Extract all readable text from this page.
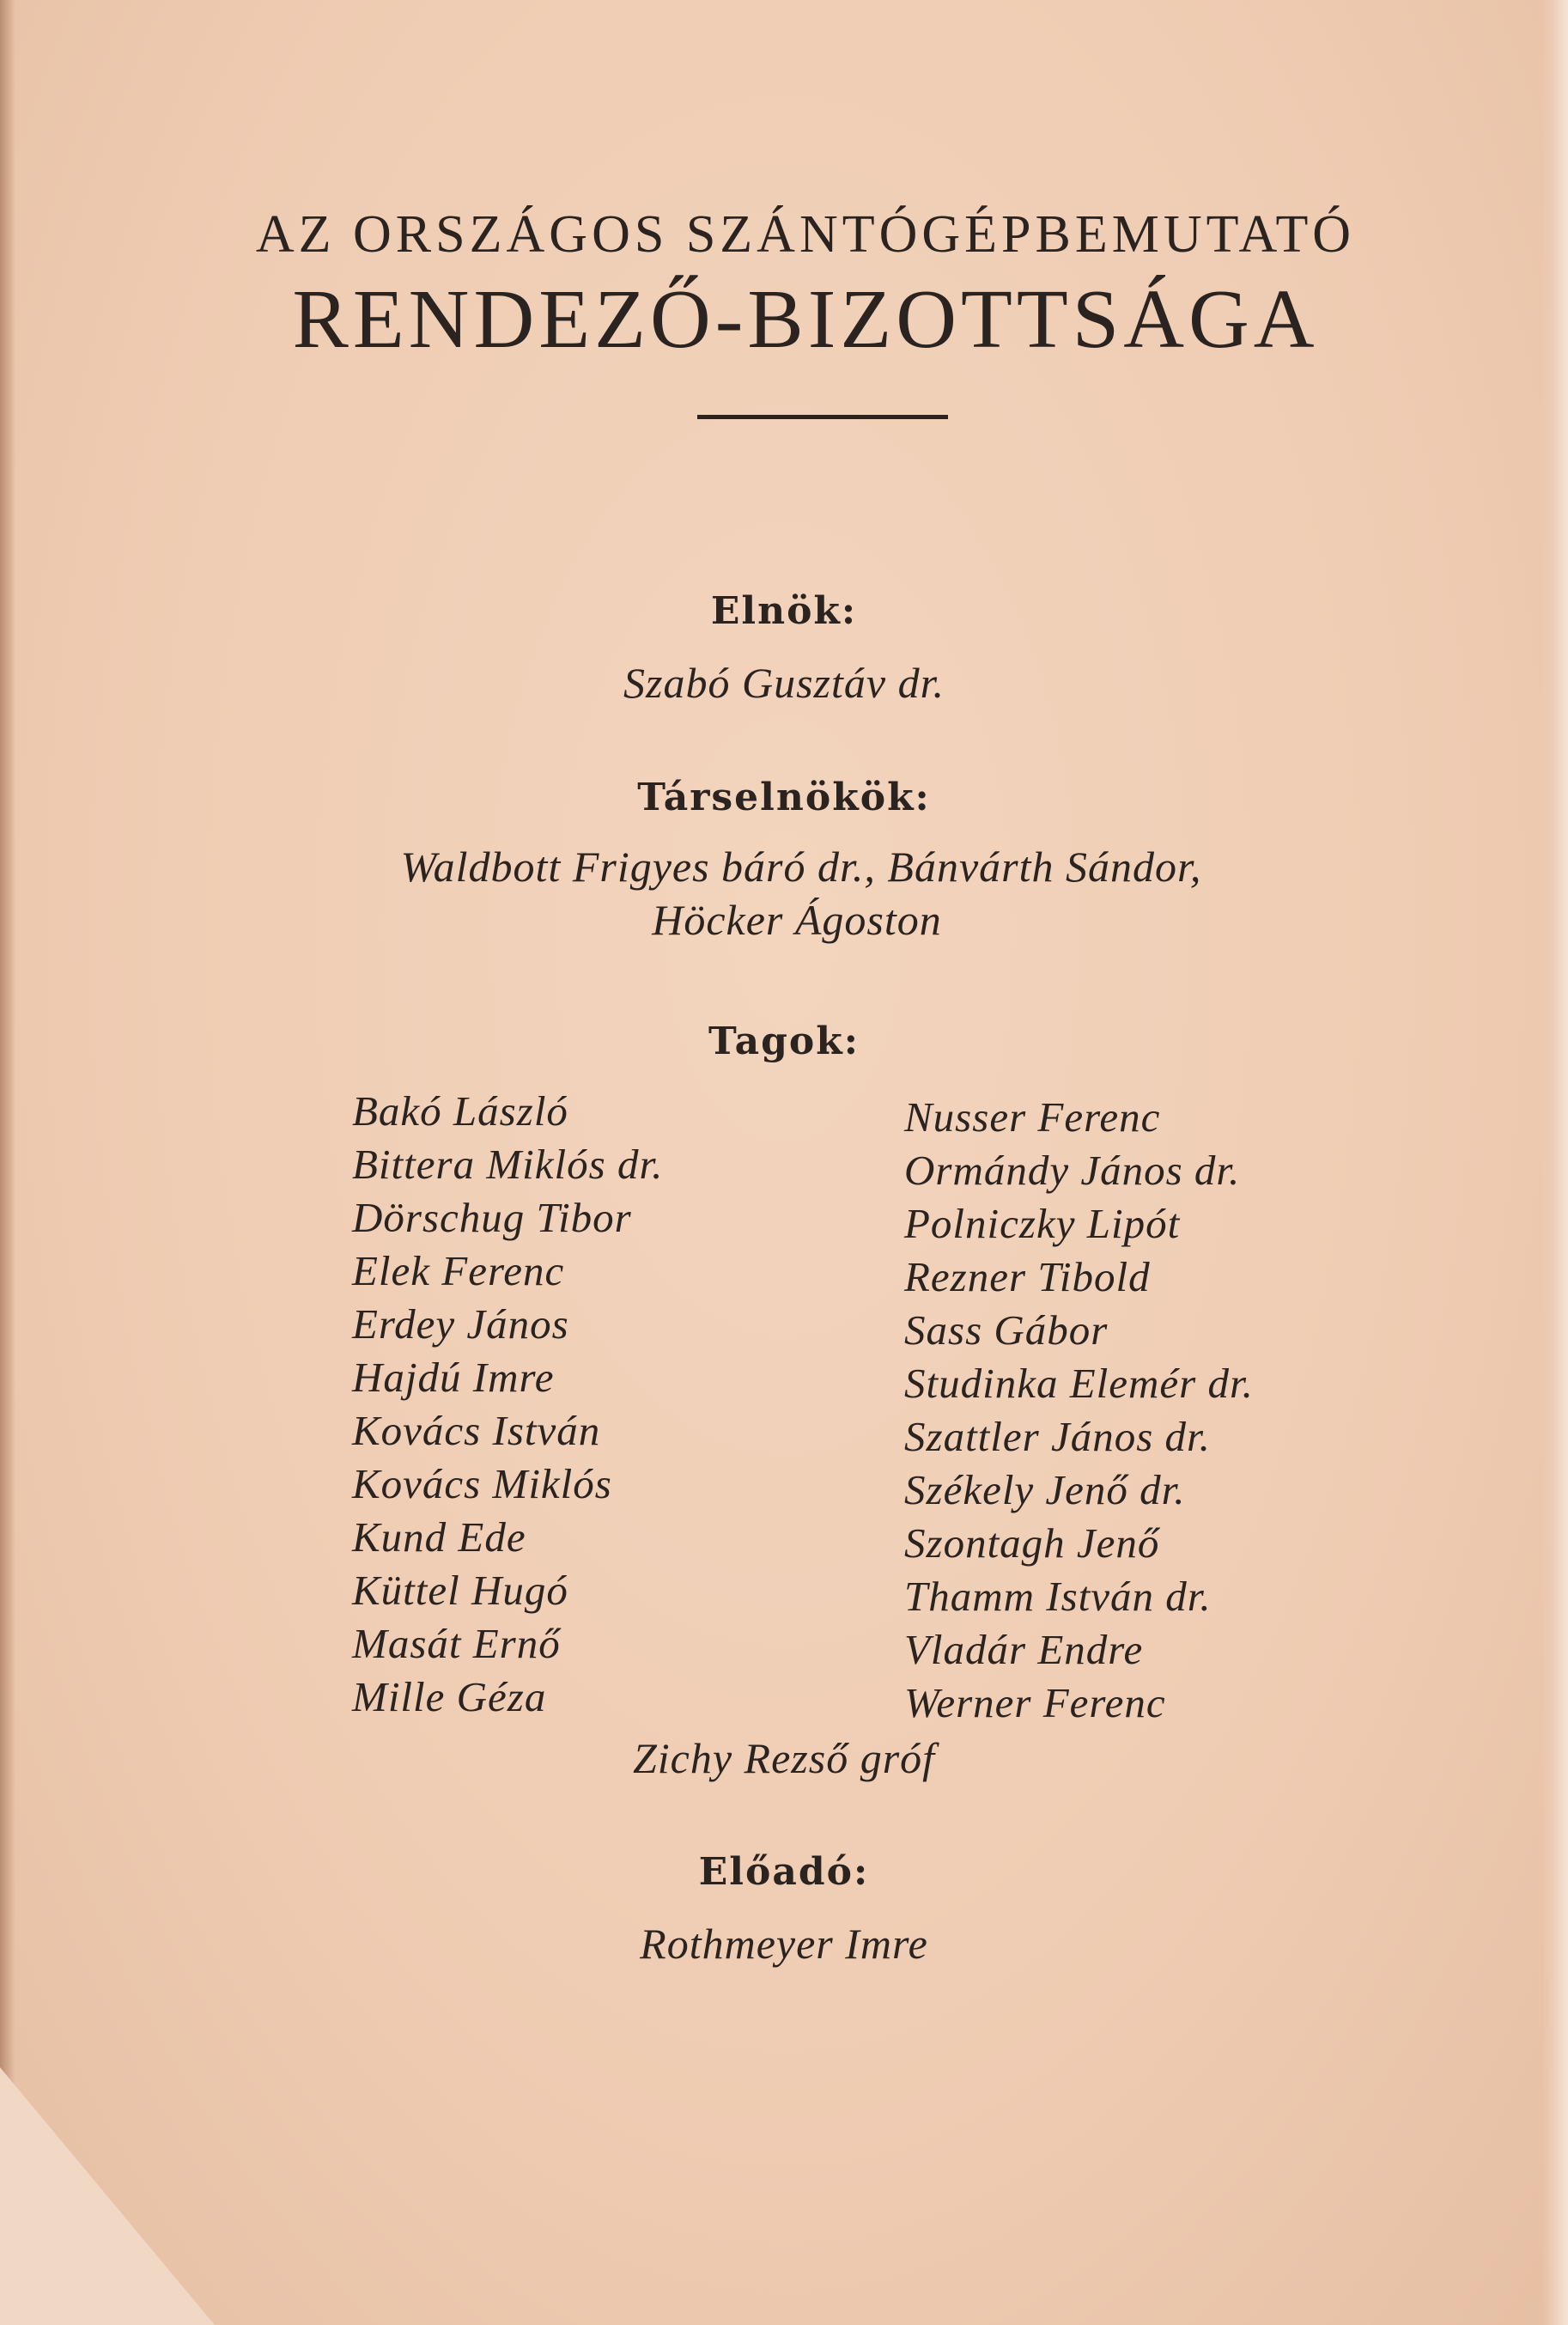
AZ ORSZÁGOS SZÁNTÓGÉPBEMUTATÓ
RENDEZŐ-BIZOTTSÁGA
Elnök:
Szabó Gusztáv dr.
Társelnökök:
Waldbott Frigyes báró dr., Bánvárth Sándor,
Höcker Ágoston
Tagok:
Bakó László
Bittera Miklós dr.
Dörschug Tibor
Elek Ferenc
Erdey János
Hajdú Imre
Kovács István
Kovács Miklós
Kund Ede
Küttel Hugó
Masát Ernő
Mille Géza
Nusser Ferenc
Ormándy János dr.
Polniczky Lipót
Rezner Tibold
Sass Gábor
Studinka Elemér dr.
Szattler János dr.
Székely Jenő dr.
Szontagh Jenő
Thamm István dr.
Vladár Endre
Werner Ferenc
Zichy Rezső gróf
Előadó:
Rothmeyer Imre
